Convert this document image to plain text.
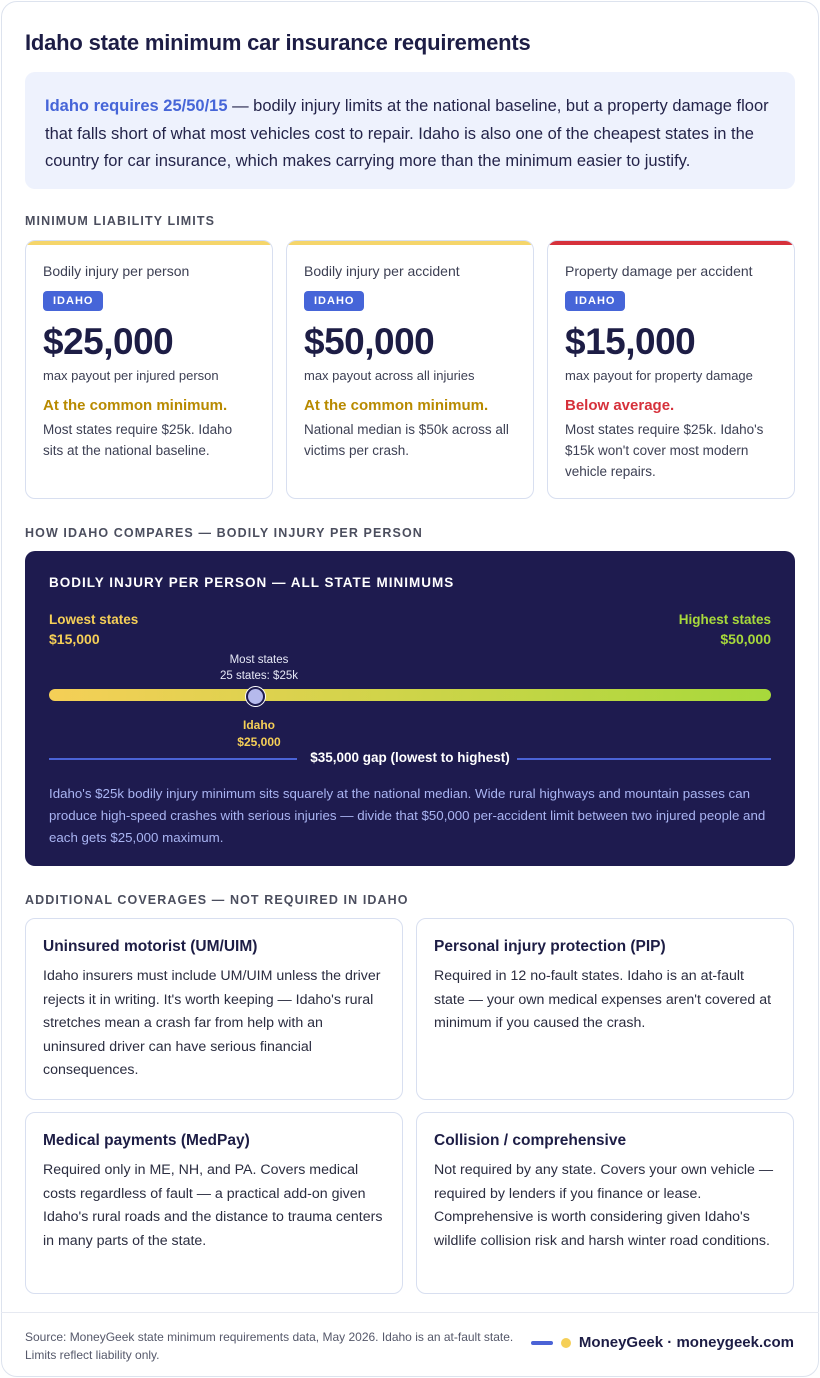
Idaho state minimum car insurance requirements
Idaho requires 25/50/15 — bodily injury limits at the national baseline, but a property damage floor that falls short of what most vehicles cost to repair. Idaho is also one of the cheapest states in the country for car insurance, which makes carrying more than the minimum easier to justify.
MINIMUM LIABILITY LIMITS
Bodily injury per person
IDAHO
$25,000
max payout per injured person
At the common minimum.
Most states require $25k. Idaho sits at the national baseline.
Bodily injury per accident
IDAHO
$50,000
max payout across all injuries
At the common minimum.
National median is $50k across all victims per crash.
Property damage per accident
IDAHO
$15,000
max payout for property damage
Below average.
Most states require $25k. Idaho's $15k won't cover most modern vehicle repairs.
HOW IDAHO COMPARES — BODILY INJURY PER PERSON
BODILY INJURY PER PERSON — ALL STATE MINIMUMS
Lowest states
$15,000
Highest states
$50,000
Most states
25 states: $25k
Idaho
$25,000
$35,000 gap (lowest to highest)
Idaho's $25k bodily injury minimum sits squarely at the national median. Wide rural highways and mountain passes can produce high-speed crashes with serious injuries — divide that $50,000 per-accident limit between two injured people and each gets $25,000 maximum.
ADDITIONAL COVERAGES — NOT REQUIRED IN IDAHO
Uninsured motorist (UM/UIM)
Idaho insurers must include UM/UIM unless the driver rejects it in writing. It's worth keeping — Idaho's rural stretches mean a crash far from help with an uninsured driver can have serious financial consequences.
Personal injury protection (PIP)
Required in 12 no-fault states. Idaho is an at-fault state — your own medical expenses aren't covered at minimum if you caused the crash.
Medical payments (MedPay)
Required only in ME, NH, and PA. Covers medical costs regardless of fault — a practical add-on given Idaho's rural roads and the distance to trauma centers in many parts of the state.
Collision / comprehensive
Not required by any state. Covers your own vehicle — required by lenders if you finance or lease. Comprehensive is worth considering given Idaho's wildlife collision risk and harsh winter road conditions.
Source: MoneyGeek state minimum requirements data, May 2026. Idaho is an at-fault state. Limits reflect liability only.
MoneyGeek · moneygeek.com
